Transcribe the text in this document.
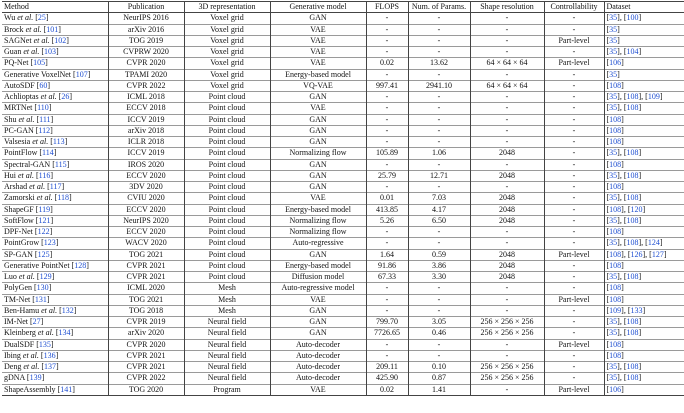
Method	Publication	3D representation	Generative model	FLOPS	Num. of Params.	Shape resolution	Controllability	Dataset
Wu et al. [25]	NeurIPS 2016	Voxel grid	GAN	-	-	-	-	[35], [100]
Brock et al. [101]	arXiv 2016	Voxel grid	VAE	-	-	-	-	[35]
SAGNet et al. [102]	TOG 2019	Voxel grid	VAE	-	-	-	Part-level	[35]
Guan et al. [103]	CVPRW 2020	Voxel grid	VAE	-	-	-	-	[35], [104]
PQ-Net [105]	CVPR 2020	Voxel grid	VAE	0.02	13.62	64 × 64 × 64	Part-level	[106]
Generative VoxelNet [107]	TPAMI 2020	Voxel grid	Energy-based model	-	-	-	-	[35]
AutoSDF [60]	CVPR 2022	Voxel grid	VQ-VAE	997.41	2941.10	64 × 64 × 64	-	[108]
Achlioptas et al. [26]	ICML 2018	Point cloud	GAN	-	-	-	-	[35], [108], [109]
MRTNet [110]	ECCV 2018	Point cloud	VAE	-	-	-	-	[35], [108]
Shu et al. [111]	ICCV 2019	Point cloud	GAN	-	-	-	-	[108]
PC-GAN [112]	arXiv 2018	Point cloud	GAN	-	-	-	-	[108]
Valsesia et al. [113]	ICLR 2018	Point cloud	GAN	-	-	-	-	[108]
PointFlow [114]	ICCV 2019	Point cloud	Normalizing flow	105.89	1.06	2048	-	[35], [108]
Spectral-GAN [115]	IROS 2020	Point cloud	GAN	-	-	-	-	[108]
Hui et al. [116]	ECCV 2020	Point cloud	GAN	25.79	12.71	2048	-	[35], [108]
Arshad et al. [117]	3DV 2020	Point cloud	GAN	-	-	-	-	[108]
Zamorski et al. [118]	CVIU 2020	Point cloud	VAE	0.01	7.03	2048	-	[35], [108]
ShapeGF [119]	ECCV 2020	Point cloud	Energy-based model	413.85	4.17	2048	-	[108], [120]
SoftFlow [121]	NeurIPS 2020	Point cloud	Normalizing flow	5.26	6.50	2048	-	[35], [108]
DPF-Net [122]	ECCV 2020	Point cloud	Normalizing flow	-	-	-	-	[108]
PointGrow [123]	WACV 2020	Point cloud	Auto-regressive	-	-	-	-	[35], [108], [124]
SP-GAN [125]	TOG 2021	Point cloud	GAN	1.64	0.59	2048	Part-level	[108], [126], [127]
Generative PointNet [128]	CVPR 2021	Point cloud	Energy-based model	91.86	3.86	2048	-	[108]
Luo et al. [129]	CVPR 2021	Point cloud	Diffusion model	67.33	3.30	2048	-	[35], [108]
PolyGen [130]	ICML 2020	Mesh	Auto-regressive model	-	-	-	-	[108]
TM-Net [131]	TOG 2021	Mesh	VAE	-	-	-	Part-level	[108]
Ben-Hamu et al. [132]	TOG 2018	Mesh	GAN	-	-	-	-	[109], [133]
IM-Net [27]	CVPR 2019	Neural field	GAN	799.70	3.05	256 × 256 × 256	-	[35], [108]
Kleinberg et al. [134]	arXiv 2020	Neural field	GAN	7726.65	0.46	256 × 256 × 256	-	[35], [108]
DualSDF [135]	CVPR 2020	Neural field	Auto-decoder	-	-	-	Part-level	[108]
Ibing et al. [136]	CVPR 2021	Neural field	Auto-decoder	-	-	-	-	[108]
Deng et al. [137]	CVPR 2021	Neural field	Auto-decoder	209.11	0.10	256 × 256 × 256	-	[35], [108]
gDNA [139]	CVPR 2022	Neural field	Auto-decoder	425.90	0.87	256 × 256 × 256	-	[35], [108]
ShapeAssembly [141]	TOG 2020	Program	VAE	0.02	1.41	-	Part-level	[106]
